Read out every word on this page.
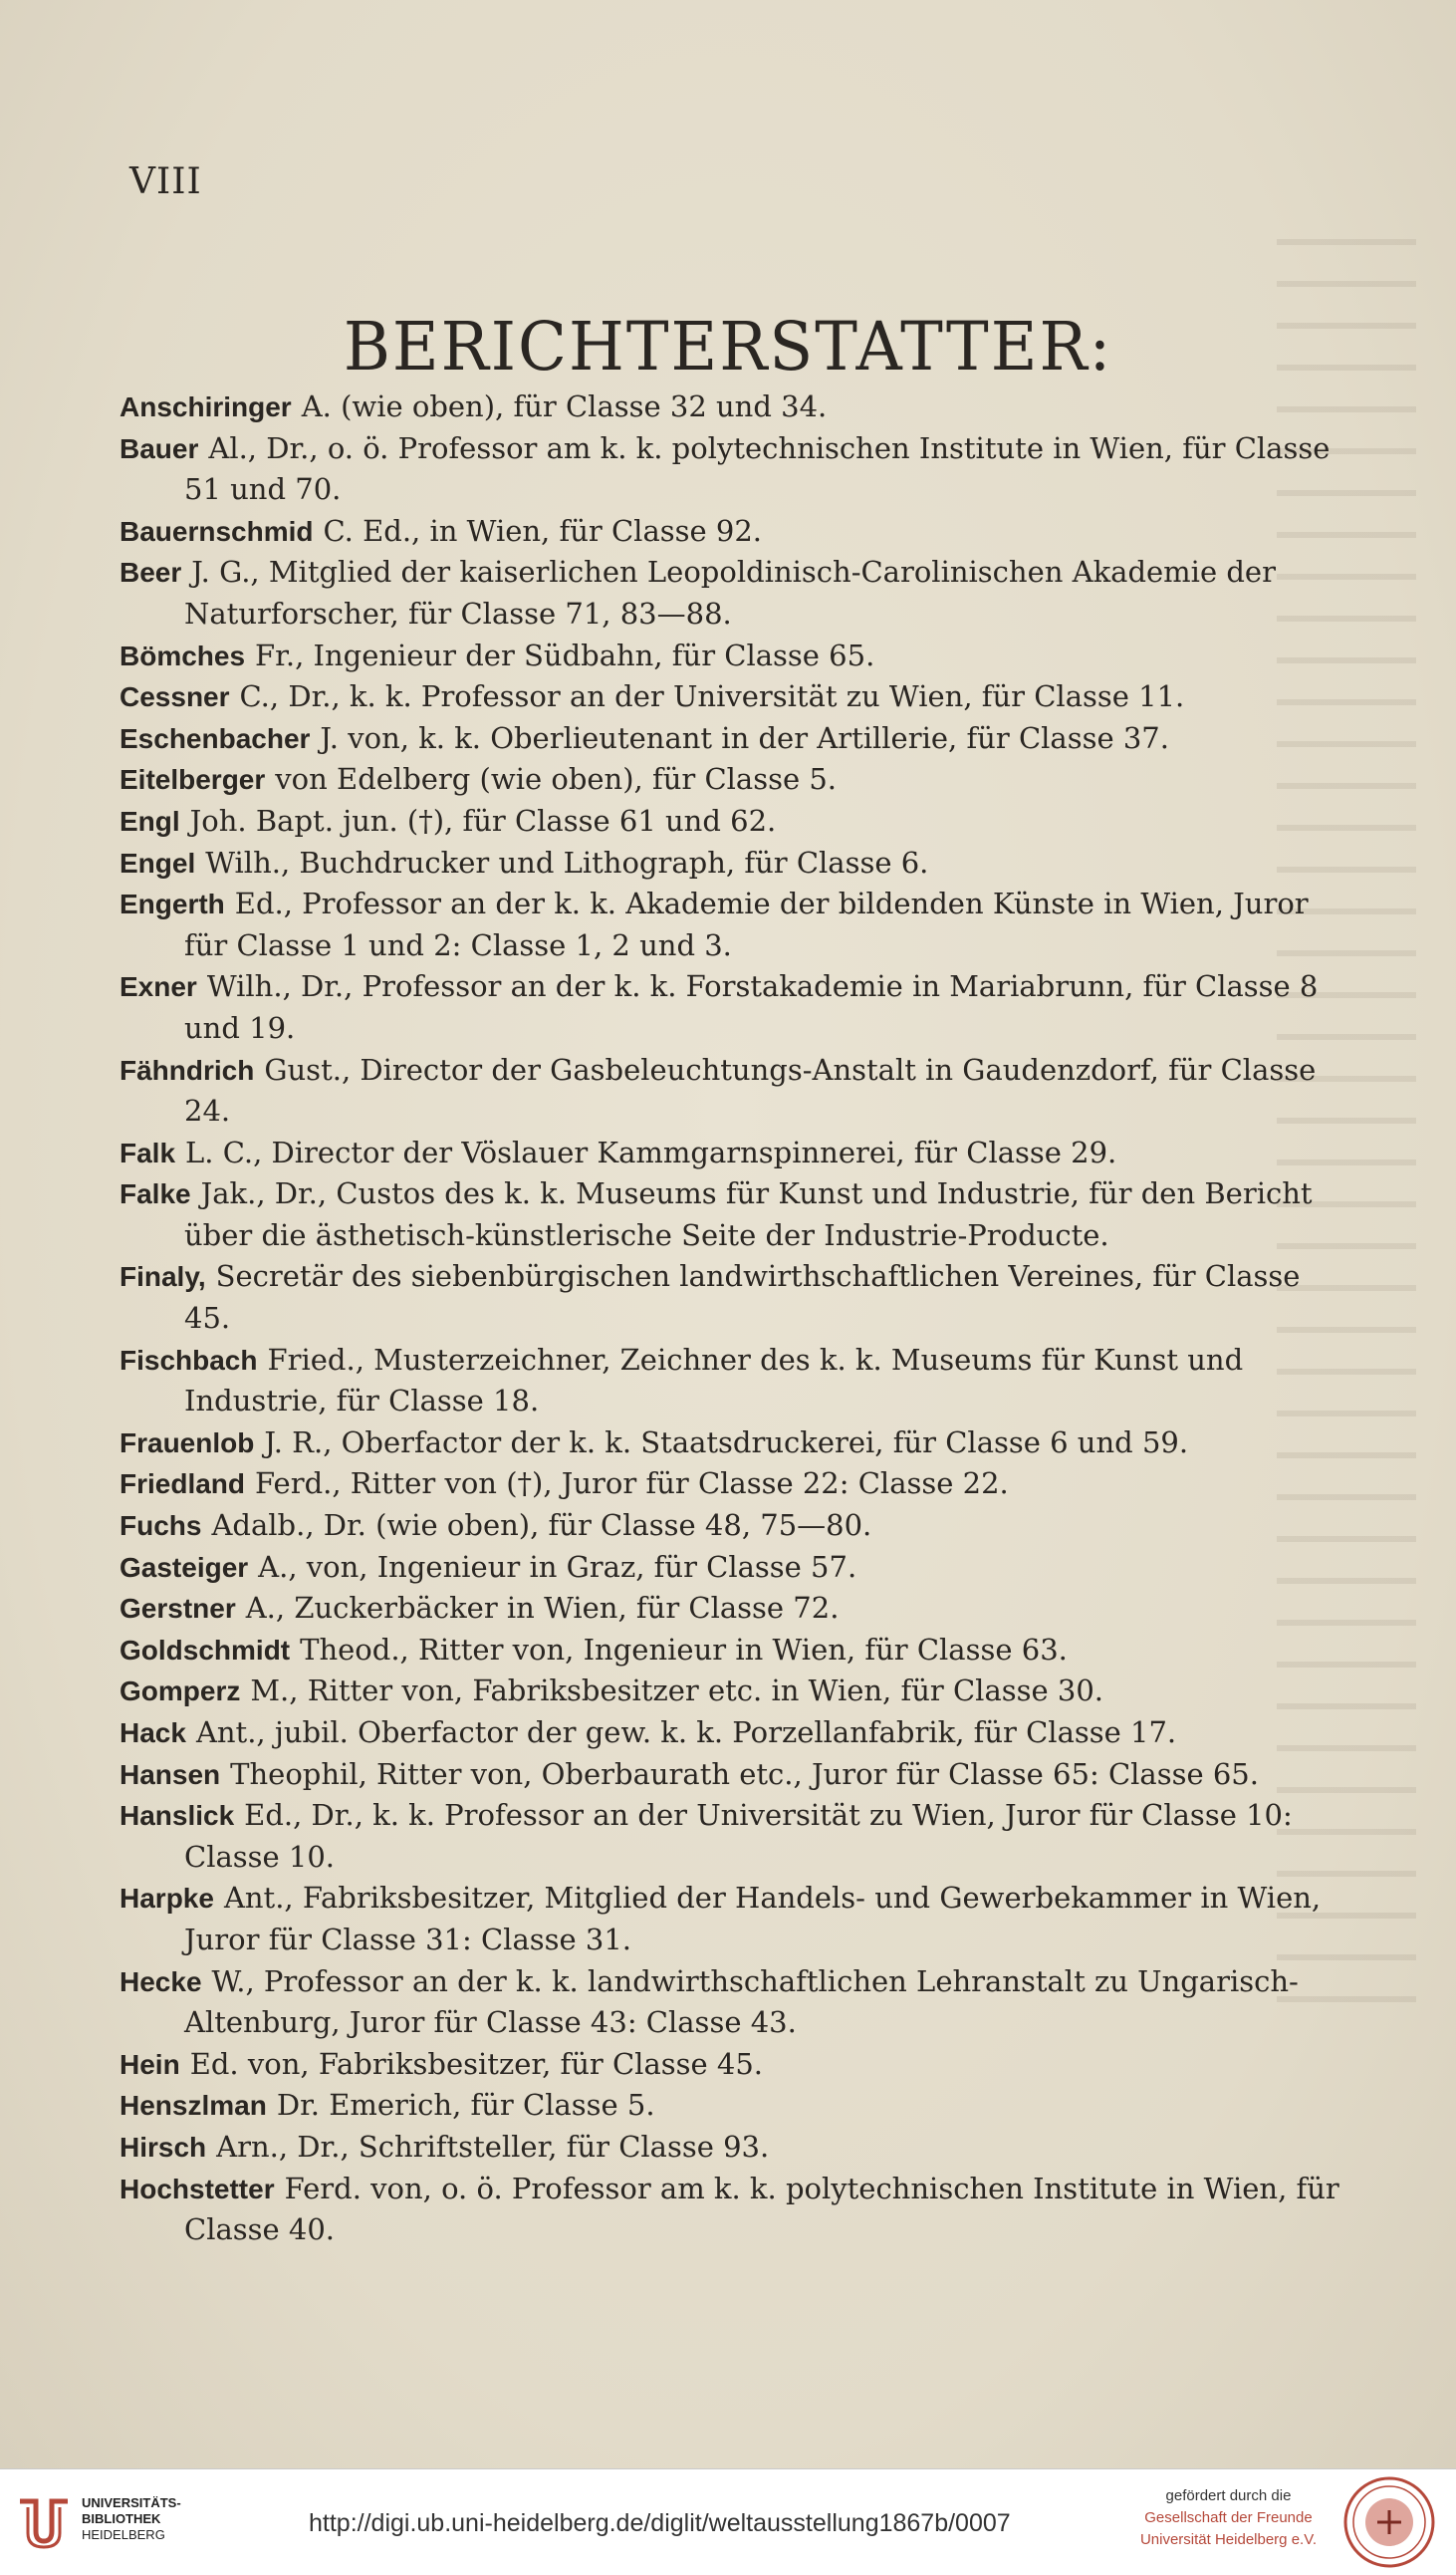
VIII
BERICHTERSTATTER:
Anschiringer A. (wie oben), für Classe 32 und 34.
Bauer Al., Dr., o. ö. Professor am k. k. polytechnischen Institute in Wien, für Classe 51 und 70.
Bauernschmid C. Ed., in Wien, für Classe 92.
Beer J. G., Mitglied der kaiserlichen Leopoldinisch-Carolinischen Akademie der Naturforscher, für Classe 71, 83—88.
Bömches Fr., Ingenieur der Südbahn, für Classe 65.
Cessner C., Dr., k. k. Professor an der Universität zu Wien, für Classe 11.
Eschenbacher J. von, k. k. Oberlieutenant in der Artillerie, für Classe 37.
Eitelberger von Edelberg (wie oben), für Classe 5.
Engl Joh. Bapt. jun. (†), für Classe 61 und 62.
Engel Wilh., Buchdrucker und Lithograph, für Classe 6.
Engerth Ed., Professor an der k. k. Akademie der bildenden Künste in Wien, Juror für Classe 1 und 2: Classe 1, 2 und 3.
Exner Wilh., Dr., Professor an der k. k. Forstakademie in Mariabrunn, für Classe 8 und 19.
Fähndrich Gust., Director der Gasbeleuchtungs-Anstalt in Gaudenzdorf, für Classe 24.
Falk L. C., Director der Vöslauer Kammgarnspinnerei, für Classe 29.
Falke Jak., Dr., Custos des k. k. Museums für Kunst und Industrie, für den Bericht über die ästhetisch-künstlerische Seite der Industrie-Producte.
Finaly, Secretär des siebenbürgischen landwirthschaftlichen Vereines, für Classe 45.
Fischbach Fried., Musterzeichner, Zeichner des k. k. Museums für Kunst und Industrie, für Classe 18.
Frauenlob J. R., Oberfactor der k. k. Staatsdruckerei, für Classe 6 und 59.
Friedland Ferd., Ritter von (†), Juror für Classe 22: Classe 22.
Fuchs Adalb., Dr. (wie oben), für Classe 48, 75—80.
Gasteiger A., von, Ingenieur in Graz, für Classe 57.
Gerstner A., Zuckerbäcker in Wien, für Classe 72.
Goldschmidt Theod., Ritter von, Ingenieur in Wien, für Classe 63.
Gomperz M., Ritter von, Fabriksbesitzer etc. in Wien, für Classe 30.
Hack Ant., jubil. Oberfactor der gew. k. k. Porzellanfabrik, für Classe 17.
Hansen Theophil, Ritter von, Oberbaurath etc., Juror für Classe 65: Classe 65.
Hanslick Ed., Dr., k. k. Professor an der Universität zu Wien, Juror für Classe 10: Classe 10.
Harpke Ant., Fabriksbesitzer, Mitglied der Handels- und Gewerbekammer in Wien, Juror für Classe 31: Classe 31.
Hecke W., Professor an der k. k. landwirthschaftlichen Lehranstalt zu Ungarisch-Altenburg, Juror für Classe 43: Classe 43.
Hein Ed. von, Fabriksbesitzer, für Classe 45.
Henszlman Dr. Emerich, für Classe 5.
Hirsch Arn., Dr., Schriftsteller, für Classe 93.
Hochstetter Ferd. von, o. ö. Professor am k. k. polytechnischen Institute in Wien, für Classe 40.
UNIVERSITÄTS-
BIBLIOTHEK
HEIDELBERG	http://digi.ub.uni-heidelberg.de/diglit/weltausstellung1867b/0007
gefördert durch die
Gesellschaft der Freunde
Universität Heidelberg e.V.
